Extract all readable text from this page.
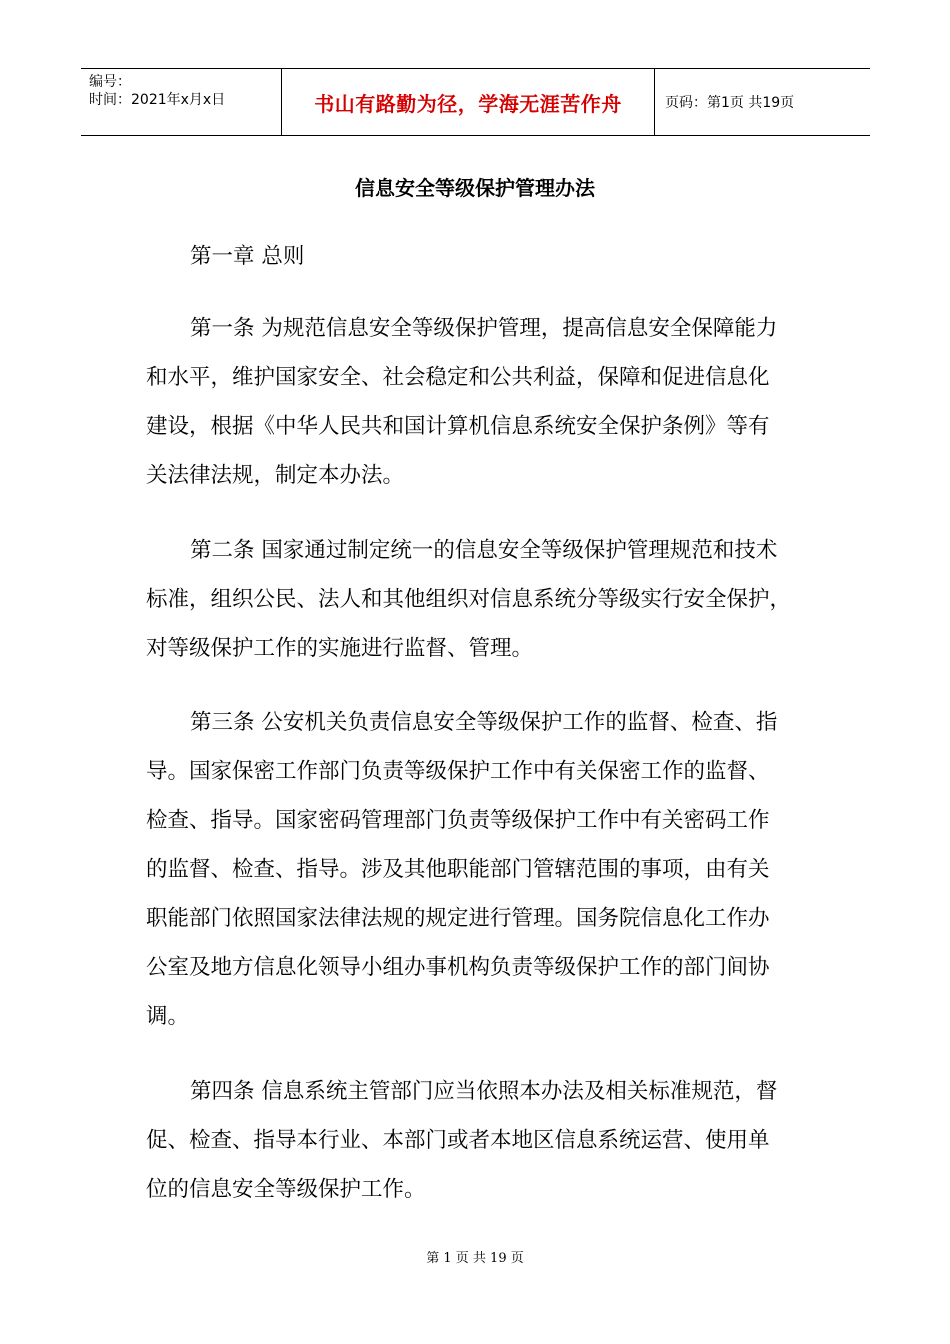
编号：
时间：2021年x月x日	书山有路勤为径，学海无涯苦作舟	页码：第1页 共19页
信息安全等级保护管理办法
第一章 总则
第一条 为规范信息安全等级保护管理，提高信息安全保障能力
和水平，维护国家安全、社会稳定和公共利益，保障和促进信息化
建设，根据《中华人民共和国计算机信息系统安全保护条例》等有
关法律法规，制定本办法。
第二条 国家通过制定统一的信息安全等级保护管理规范和技术
标准，组织公民、法人和其他组织对信息系统分等级实行安全保护，
对等级保护工作的实施进行监督、管理。
第三条 公安机关负责信息安全等级保护工作的监督、检查、指
导。国家保密工作部门负责等级保护工作中有关保密工作的监督、
检查、指导。国家密码管理部门负责等级保护工作中有关密码工作
的监督、检查、指导。涉及其他职能部门管辖范围的事项，由有关
职能部门依照国家法律法规的规定进行管理。国务院信息化工作办
公室及地方信息化领导小组办事机构负责等级保护工作的部门间协
调。
第四条 信息系统主管部门应当依照本办法及相关标准规范，督
促、检查、指导本行业、本部门或者本地区信息系统运营、使用单
位的信息安全等级保护工作。
第 1 页 共 19 页
